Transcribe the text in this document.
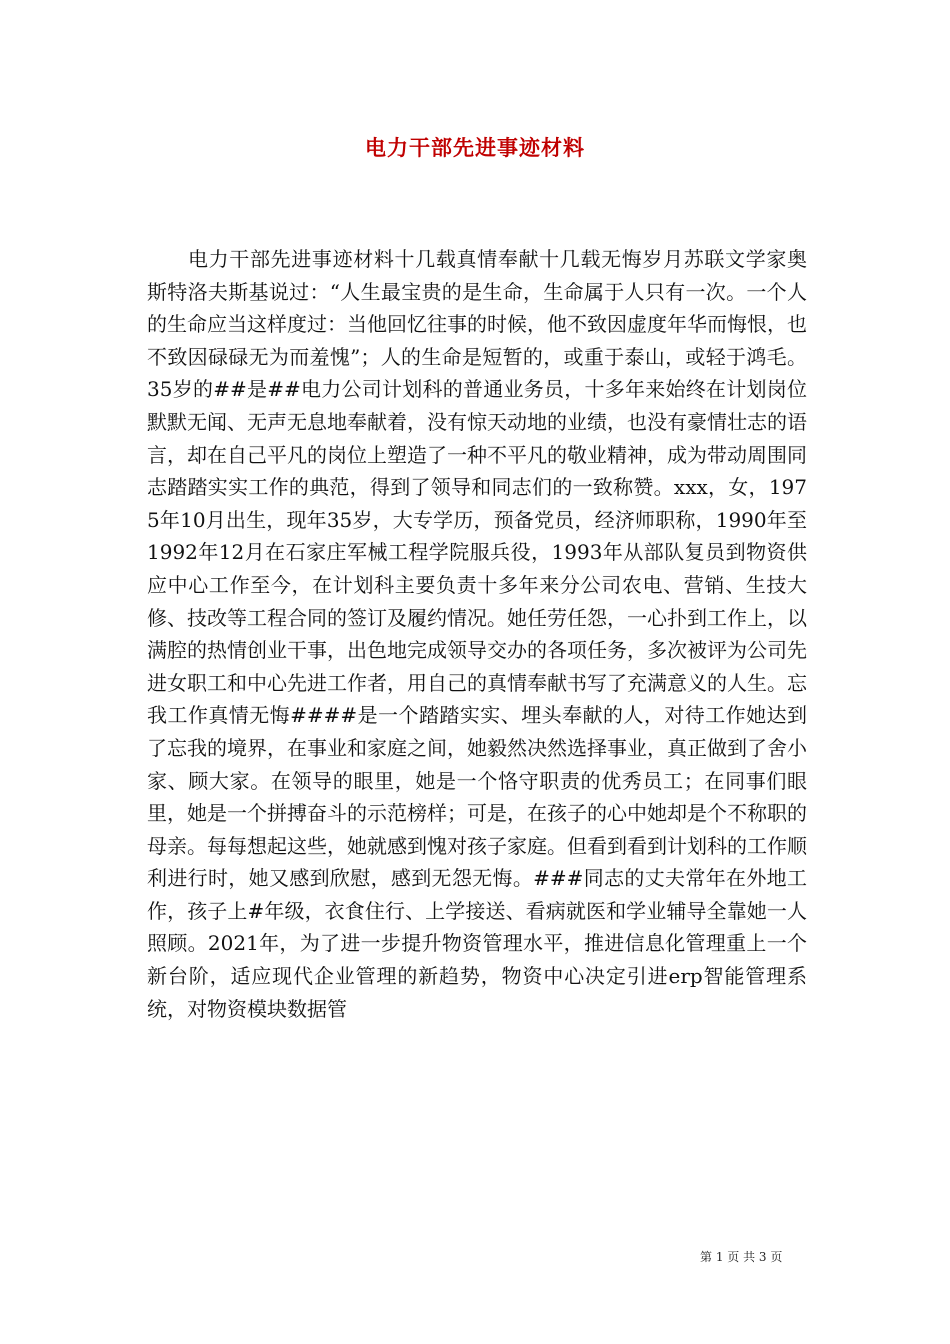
电力干部先进事迹材料

电力干部先进事迹材料十几载真情奉献十几载无悔岁月苏联文学家奥斯特洛夫斯基说过：“人生最宝贵的是生命，生命属于人只有一次。一个人的生命应当这样度过：当他回忆往事的时候，他不致因虚度年华而悔恨，也不致因碌碌无为而羞愧”；人的生命是短暂的，或重于泰山，或轻于鸿毛。35岁的##是##电力公司计划科的普通业务员，十多年来始终在计划岗位默默无闻、无声无息地奉献着，没有惊天动地的业绩，也没有豪情壮志的语言，却在自己平凡的岗位上塑造了一种不平凡的敬业精神，成为带动周围同志踏踏实实工作的典范，得到了领导和同志们的一致称赞。xxx，女，1975年10月出生，现年35岁，大专学历，预备党员，经济师职称，1990年至1992年12月在石家庄军械工程学院服兵役，1993年从部队复员到物资供应中心工作至今，在计划科主要负责十多年来分公司农电、营销、生技大修、技改等工程合同的签订及履约情况。她任劳任怨，一心扑到工作上，以满腔的热情创业干事，出色地完成领导交办的各项任务，多次被评为公司先进女职工和中心先进工作者，用自己的真情奉献书写了充满意义的人生。忘我工作真情无悔####是一个踏踏实实、埋头奉献的人，对待工作她达到了忘我的境界，在事业和家庭之间，她毅然决然选择事业，真正做到了舍小家、顾大家。在领导的眼里，她是一个恪守职责的优秀员工；在同事们眼里，她是一个拼搏奋斗的示范榜样；可是，在孩子的心中她却是个不称职的母亲。每每想起这些，她就感到愧对孩子家庭。但看到看到计划科的工作顺利进行时，她又感到欣慰，感到无怨无悔。###同志的丈夫常年在外地工作，孩子上#年级，衣食住行、上学接送、看病就医和学业辅导全靠她一人照顾。2021年，为了进一步提升物资管理水平，推进信息化管理重上一个新台阶，适应现代企业管理的新趋势，物资中心决定引进erp智能管理系统，对物资模块数据管

第 1 页 共 3 页
